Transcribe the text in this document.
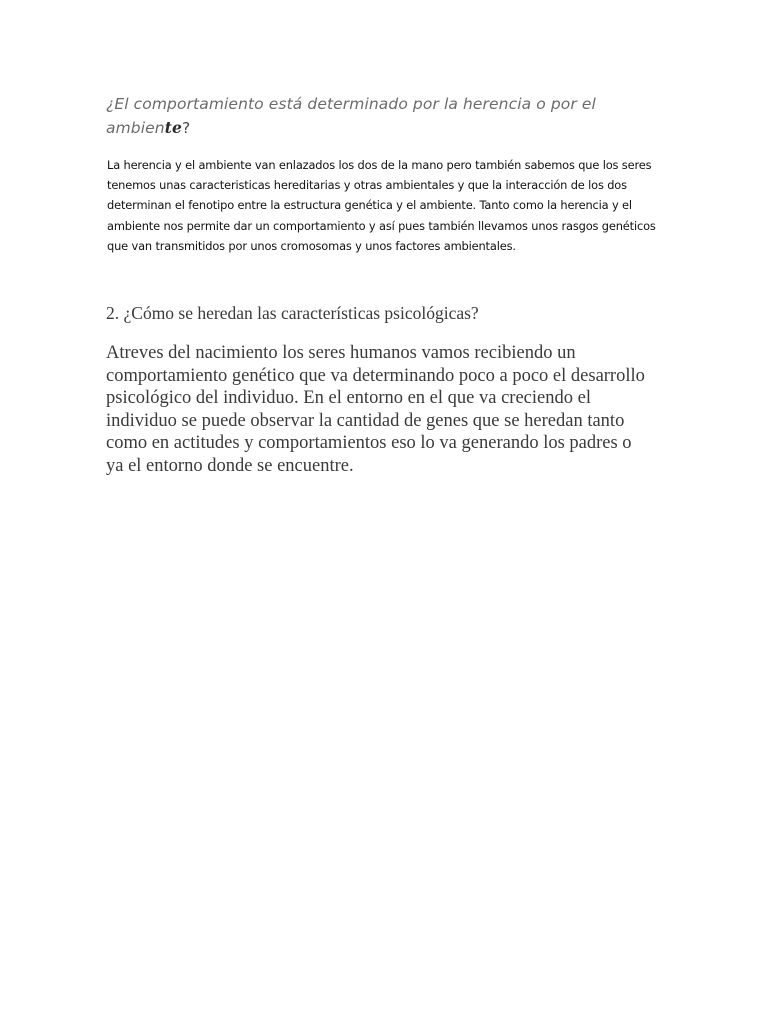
¿El comportamiento está determinado por la herencia o por el ambiente?

La herencia y el ambiente van enlazados los dos de la mano pero también sabemos que los seres
tenemos unas caracteristicas hereditarias y otras ambientales y que la interacción de los dos
determinan el fenotipo entre la estructura genética y el ambiente. Tanto como la herencia y el
ambiente nos permite dar un comportamiento y así pues también llevamos unos rasgos genéticos
que van transmitidos por unos cromosomas y unos factores ambientales.

2. ¿Cómo se heredan las características psicológicas?

Atreves del nacimiento los seres humanos vamos recibiendo un
comportamiento genético que va determinando poco a poco el desarrollo
psicológico del individuo. En el entorno en el que va creciendo el
individuo se puede observar la cantidad de genes que se heredan tanto
como en actitudes y comportamientos eso lo va generando los padres o
ya el entorno donde se encuentre.
